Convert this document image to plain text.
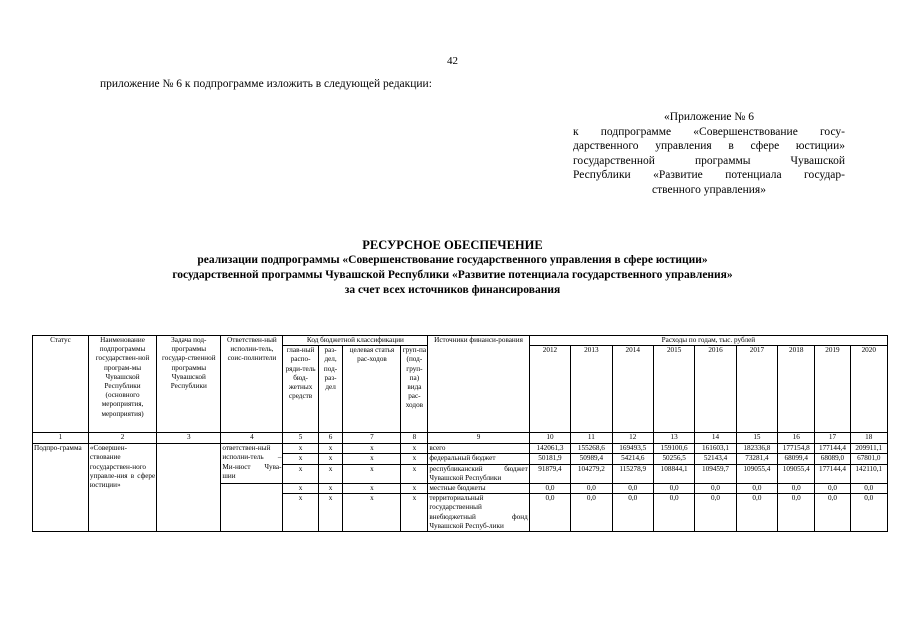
42
приложение № 6 к подпрограмме изложить в следующей редакции:
«Приложение № 6
к подпрограмме «Совершенствование госу-
дарственного управления в сфере юстиции»
государственной программы Чувашской
Республики «Развитие потенциала государ-
ственного управления»
РЕСУРСНОЕ ОБЕСПЕЧЕНИЕ
реализации подпрограммы «Совершенствование государственного управления в сфере юстиции»
государственной программы Чувашской Республики «Развитие потенциала государственного управления»
за счет всех источников финансирования
Статус	Наименование подпрограммы государствен-ной програм-мы Чувашской Республики (основного мероприятия, мероприятия)	Задача под-программы государ-ственной программы Чувашской Республики	Ответствен-ный исполни-тель, соис-полнители	Код бюджетной классификации				Источники финанси-рования	Расходы по годам, тыс. рублей								
				глав-ный распо-ряди-тель бюд-жетных средств	раз-дел, под-раз-дел	целевая статья рас-ходов	груп-па (под-груп-па) вида рас-ходов		2012	2013	2014	2015	2016	2017	2018	2019	2020

1	2	3	4	5	6	7	8	9	10	11	12	13	14	15	16	17	18
Подпро-грамма	«Совершен-ствование государствен-ного управле-ния в сфере юстиции»		ответствен-ный исполни-тель – Ми-нюст Чува-шии	x	x	x	x	всего	142061,3	155268,6	169493,5	159100,6	161603,1	182336,8	177154,8	177144,4	209911,1
				x	x	x	x	федеральный бюджет	50181,9	50989,4	54214,6	50256,5	52143,4	73281,4	68099,4	68089,0	67801,0
				x	x	x	x	республиканский бюджет Чувашской Республики	91879,4	104279,2	115278,9	108844,1	109459,7	109055,4	109055,4	177144,4	142110,1
				x	x	x	x	местные бюджеты	0,0	0,0	0,0	0,0	0,0	0,0	0,0	0,0	0,0
				x	x	x	x	территориальный государственный внебюджетный фонд Чувашской Респуб-лики	0,0	0,0	0,0	0,0	0,0	0,0	0,0	0,0	0,0
